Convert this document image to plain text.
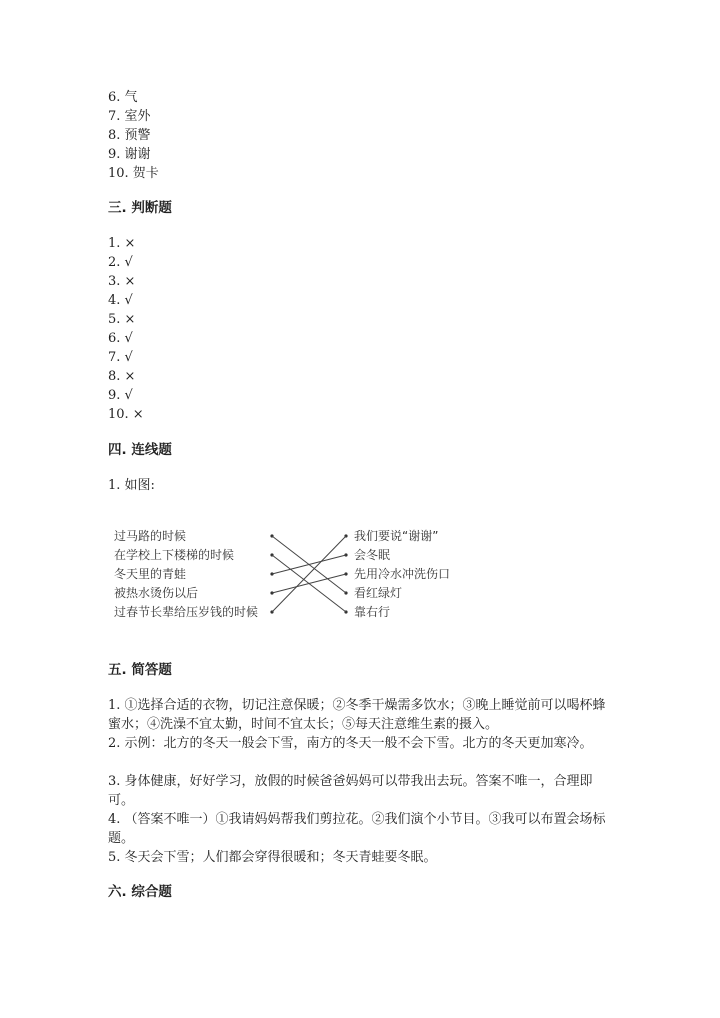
6. 气
7. 室外
8. 预警
9. 谢谢
10. 贺卡
三. 判断题
1. ×
2. √
3. ×
4. √
5. ×
6. √
7. √
8. ×
9. √
10. ×
四. 连线题
1. 如图:
过马路的时候
在学校上下楼梯的时候
冬天里的青蛙
被热水烫伤以后
过春节长辈给压岁钱的时候
我们要说“谢谢”
会冬眠
先用冷水冲洗伤口
看红绿灯
靠右行
五. 简答题
1. ①选择合适的衣物，切记注意保暖；②冬季干燥需多饮水；③晚上睡觉前可以喝杯蜂蜜水；④洗澡不宜太勤，时间不宜太长；⑤每天注意维生素的摄入。
2. 示例：北方的冬天一般会下雪，南方的冬天一般不会下雪。北方的冬天更加寒冷。
3. 身体健康，好好学习，放假的时候爸爸妈妈可以带我出去玩。答案不唯一，合理即可。
4. （答案不唯一）①我请妈妈帮我们剪拉花。②我们演个小节目。③我可以布置会场标题。
5. 冬天会下雪；人们都会穿得很暖和；冬天青蛙要冬眠。
六. 综合题
